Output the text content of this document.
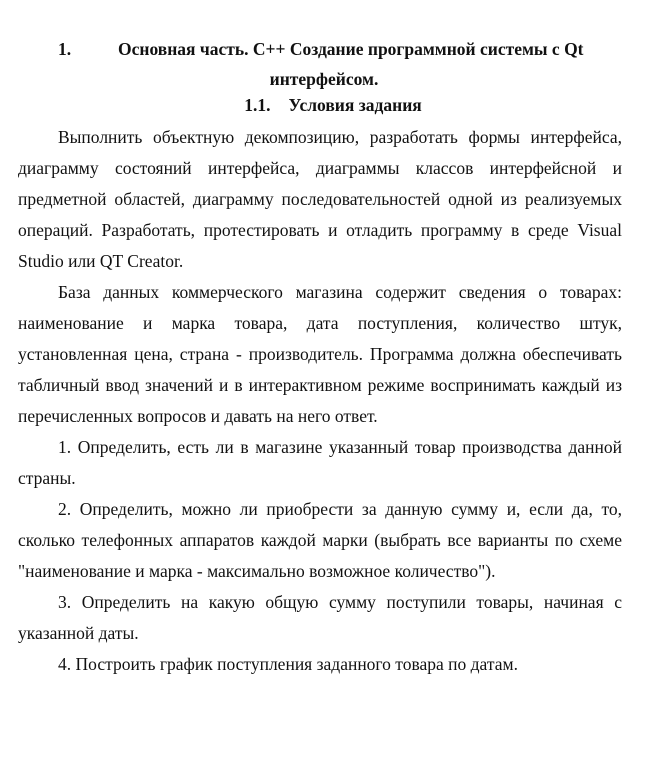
1.	Основная часть. С++ Создание программной системы с Qt
интерфейсом.
1.1. Условия задания

Выполнить объектную декомпозицию, разработать формы интерфейса, диаграмму состояний интерфейса, диаграммы классов интерфейсной и предметной областей, диаграмму последовательностей одной из реализуемых операций. Разработать, протестировать и отладить программу в среде Visual Studio или QT Creator.

База данных коммерческого магазина содержит сведения о товарах: наименование и марка товара, дата поступления, количество штук, установленная цена, страна - производитель. Программа должна обеспечивать табличный ввод значений и в интерактивном режиме воспринимать каждый из перечисленных вопросов и давать на него ответ.

1. Определить, есть ли в магазине указанный товар производства данной страны.

2. Определить, можно ли приобрести за данную сумму и, если да, то, сколько телефонных аппаратов каждой марки (выбрать все варианты по схеме "наименование и марка - максимально возможное количество").

3. Определить на какую общую сумму поступили товары, начиная с указанной даты.

4. Построить график поступления заданного товара по датам.
